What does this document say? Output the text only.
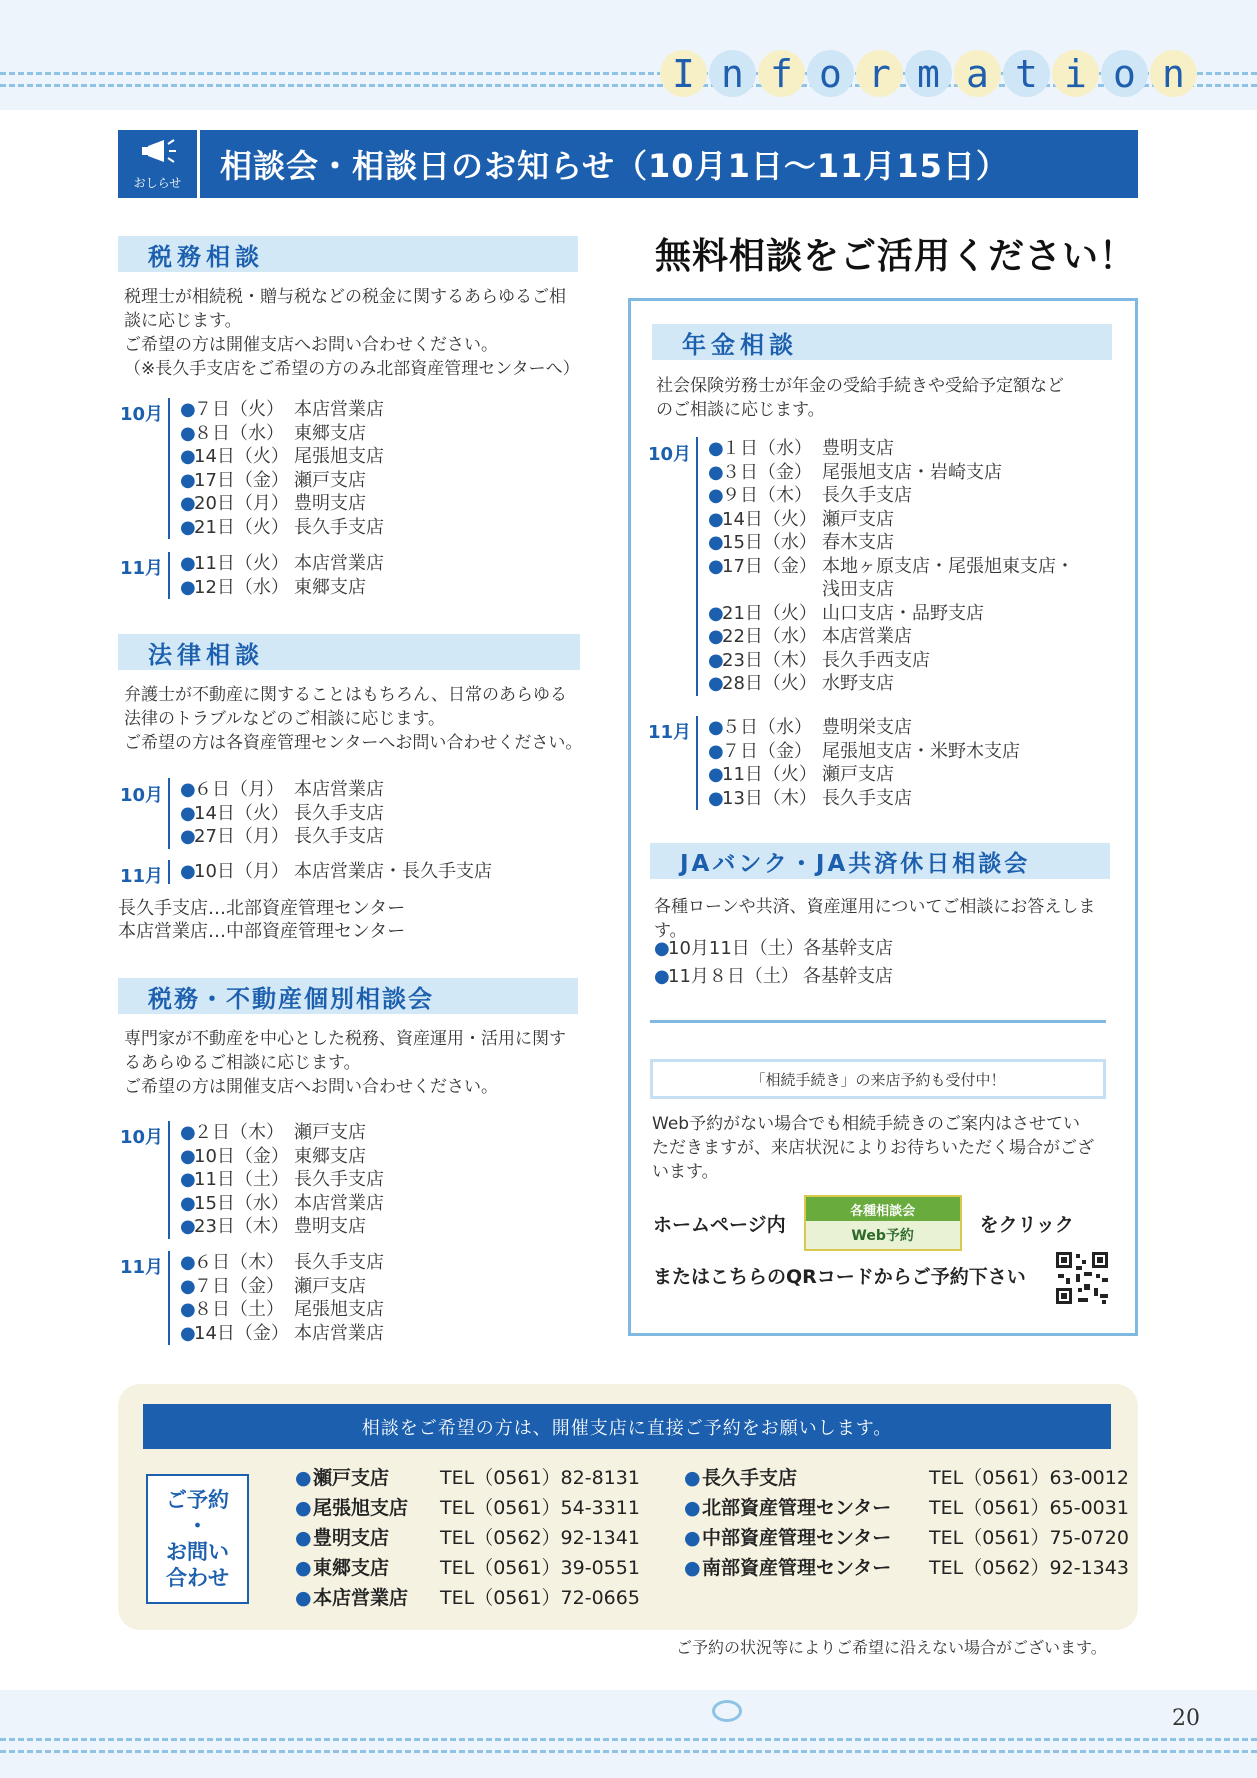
I n f o r m a t i o n
おしらせ 相談会・相談日のお知らせ（10月1日〜11月15日）
税務相談
税理士が相続税・贈与税などの税金に関するあらゆるご相
談に応じます。
ご希望の方は開催支店へお問い合わせください。
（※長久手支店をご希望の方のみ北部資産管理センターへ）
10月 ●
７日（火） 本店営業店
●
８日（水） 東郷支店
●
14日（火） 尾張旭支店
●
17日（金） 瀬戸支店
●
20日（月） 豊明支店
●
21日（火） 長久手支店
11月 ●
11日（火） 本店営業店
●
12日（水） 東郷支店
法律相談
弁護士が不動産に関することはもちろん、日常のあらゆる
法律のトラブルなどのご相談に応じます。
ご希望の方は各資産管理センターへお問い合わせください。
10月 ●
６日（月） 本店営業店
●
14日（火） 長久手支店
●
27日（月） 長久手支店
11月 ●
10日（月） 本店営業店・長久手支店
長久手支店…北部資産管理センター
本店営業店…中部資産管理センター
税務・不動産個別相談会
専門家が不動産を中心とした税務、資産運用・活用に関す
るあらゆるご相談に応じます。
ご希望の方は開催支店へお問い合わせください。
10月 ●
２日（木） 瀬戸支店
●
10日（金） 東郷支店
●
11日（土） 長久手支店
●
15日（水） 本店営業店
●
23日（木） 豊明支店
11月 ●
６日（木） 長久手支店
●
７日（金） 瀬戸支店
●
８日（土） 尾張旭支店
●
14日（金） 本店営業店
無料相談をご活用ください！
年金相談
社会保険労務士が年金の受給手続きや受給予定額など
のご相談に応じます。
10月 ●
１日（水） 豊明支店
●
３日（金） 尾張旭支店・岩崎支店
●
９日（木） 長久手支店
●
14日（火） 瀬戸支店
●
15日（水） 春木支店
●
17日（金） 本地ヶ原支店・尾張旭東支店・
浅田支店
●
21日（火） 山口支店・品野支店
●
22日（水） 本店営業店
●
23日（木） 長久手西支店
●
28日（火） 水野支店
11月 ●
５日（水） 豊明栄支店
●
７日（金） 尾張旭支店・米野木支店
●
11日（火） 瀬戸支店
●
13日（木） 長久手支店
JAバンク・JA共済休日相談会
各種ローンや共済、資産運用についてご相談にお答えします。
●
10月11日（土） 各基幹支店
●
11月８日（土） 各基幹支店
「相続手続き」の来店予約も受付中！
Web予約がない場合でも相続手続きのご案内はさせてい
ただきますが、来店状況によりお待ちいただく場合がござ
います。
ホームページ内
各種相談会
Web予約
をクリック
またはこちらのQRコードからご予約下さい
相談をご希望の方は、開催支店に直接ご予約をお願いします。
ご予約
・
お問い
合わせ
● 瀬戸支店	TEL（0561）82-8131
● 尾張旭支店 TEL（0561）54-3311
● 豊明支店	TEL（0562）92-1341
● 東郷支店	TEL（0561）39-0551
● 本店営業店 TEL（0561）72-0665
● 長久手支店	TEL（0561）63-0012
● 北部資産管理センター TEL（0561）65-0031
● 中部資産管理センター TEL（0561）75-0720
● 南部資産管理センター TEL（0562）92-1343
ご予約の状況等によりご希望に沿えない場合がございます。
20
